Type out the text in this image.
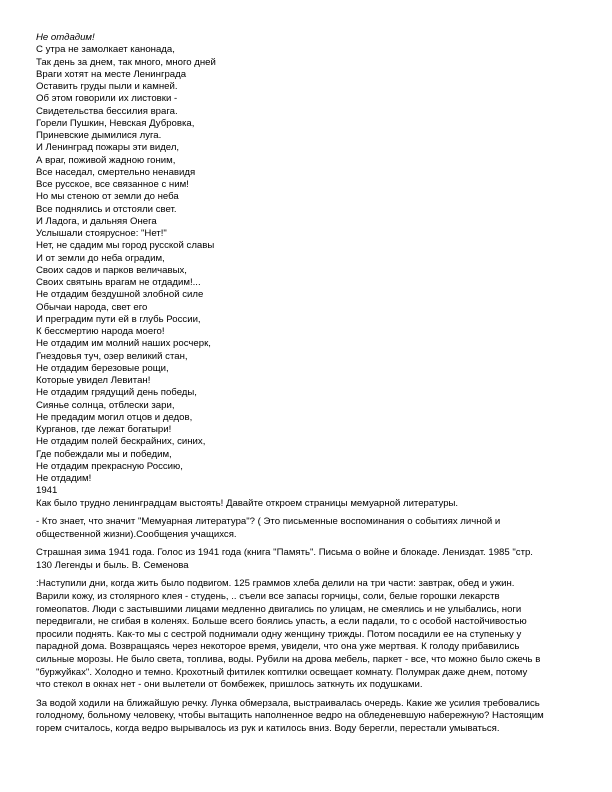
Не отдадим!

С утра не замолкает канонада,
Так день за днем, так много, много дней
Враги хотят на месте Ленинграда
Оставить груды пыли и камней.
Об этом говорили их листовки -
Свидетельства бессилия врага.
Горели Пушкин, Невская Дубровка,
Приневские дымилися луга.
И Ленинград пожары эти видел,
А враг, поживой жадною гоним,
Все наседал, смертельно ненавидя
Все русское, все связанное с ним!
Но мы стеною от земли до неба
Все поднялись и отстояли свет.
И Ладога, и дальняя Онега
Услышали стоярусное: "Нет!"
Нет, не сдадим мы город русской славы
И от земли до неба оградим,
Своих садов и парков величавых,
Своих святынь врагам не отдадим!...
Не отдадим бездушной злобной силе
Обычаи народа, свет его
И преградим пути ей в глубь России,
К бессмертию народа моего!
Не отдадим им молний наших росчерк,
Гнездовья туч, озер великий стан,
Не отдадим березовые рощи,
Которые увидел Левитан!
Не отдадим грядущий день победы,
Сиянье солнца, отблески зари,
Не предадим могил отцов и дедов,
Курганов, где лежат богатыри!
Не отдадим полей бескрайних, синих,
Где побеждали мы и победим,
Не отдадим прекрасную Россию,
Не отдадим!

1941

Как было трудно ленинградцам выстоять! Давайте откроем страницы мемуарной литературы.

- Кто знает, что значит "Мемуарная литература"? ( Это письменные воспоминания о событиях личной и
общественной жизни).Сообщения учащихся.

Страшная зима 1941 года. Голос из 1941 года (книга "Память". Письма о войне и блокаде. Лениздат. 1985 "стр.
130 Легенды и быль. В. Семенова

:Наступили дни, когда жить было подвигом. 125 граммов хлеба делили на три части: завтрак, обед и ужин.
Варили кожу, из столярного клея - студень, .. съели все запасы горчицы, соли, белые горошки лекарств
гомеопатов. Люди с застывшими лицами медленно двигались по улицам, не смеялись и не улыбались, ноги
передвигали, не сгибая в коленях. Больше всего боялись упасть, а если падали, то с особой настойчивостью
просили поднять. Как-то мы с сестрой поднимали одну женщину трижды. Потом посадили ее на ступеньку у
парадной дома. Возвращаясь через некоторое время, увидели, что она уже мертвая. К голоду прибавились
сильные морозы. Не было света, топлива, воды. Рубили на дрова мебель, паркет - все, что можно было сжечь в
"буржуйках". Холодно и темно. Крохотный фитилек коптилки освещает комнату. Полумрак даже днем, потому
что стекол в окнах нет - они вылетели от бомбежек, пришлось заткнуть их подушками.

За водой ходили на ближайшую речку. Лунка обмерзала, выстраивалась очередь. Какие же усилия требовались
голодному, больному человеку, чтобы вытащить наполненное ведро на обледеневшую набережную? Настоящим
горем считалось, когда ведро вырывалось из рук и катилось вниз. Воду берегли, перестали умываться.
